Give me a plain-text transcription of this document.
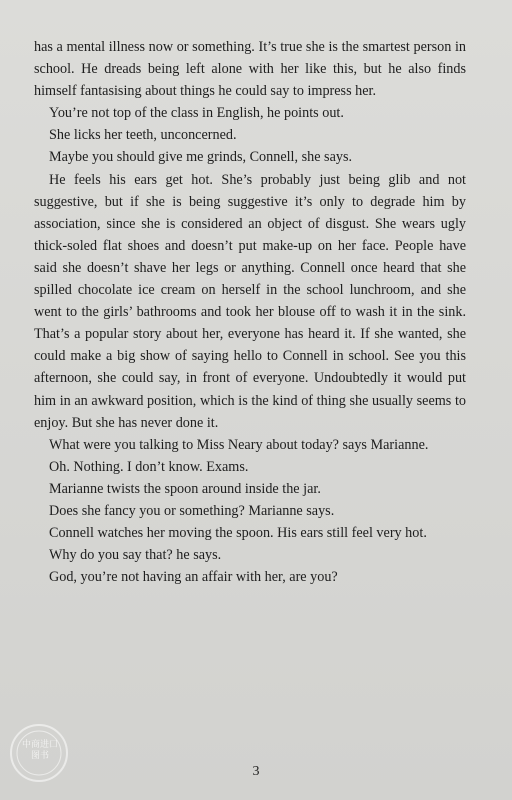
has a mental illness now or something. It’s true she is the smartest person in school. He dreads being left alone with her like this, but he also finds himself fantasising about things he could say to impress her.

You’re not top of the class in English, he points out.

She licks her teeth, unconcerned.

Maybe you should give me grinds, Connell, she says.

He feels his ears get hot. She’s probably just being glib and not suggestive, but if she is being suggestive it’s only to degrade him by association, since she is considered an object of disgust. She wears ugly thick-soled flat shoes and doesn’t put make-up on her face. People have said she doesn’t shave her legs or anything. Connell once heard that she spilled chocolate ice cream on herself in the school lunchroom, and she went to the girls’ bathrooms and took her blouse off to wash it in the sink. That’s a popular story about her, everyone has heard it. If she wanted, she could make a big show of saying hello to Connell in school. See you this afternoon, she could say, in front of everyone. Undoubtedly it would put him in an awkward position, which is the kind of thing she usually seems to enjoy. But she has never done it.

What were you talking to Miss Neary about today? says Marianne.

Oh. Nothing. I don’t know. Exams.

Marianne twists the spoon around inside the jar.

Does she fancy you or something? Marianne says.

Connell watches her moving the spoon. His ears still feel very hot.

Why do you say that? he says.

God, you’re not having an affair with her, are you?

中商进口
图书
3
